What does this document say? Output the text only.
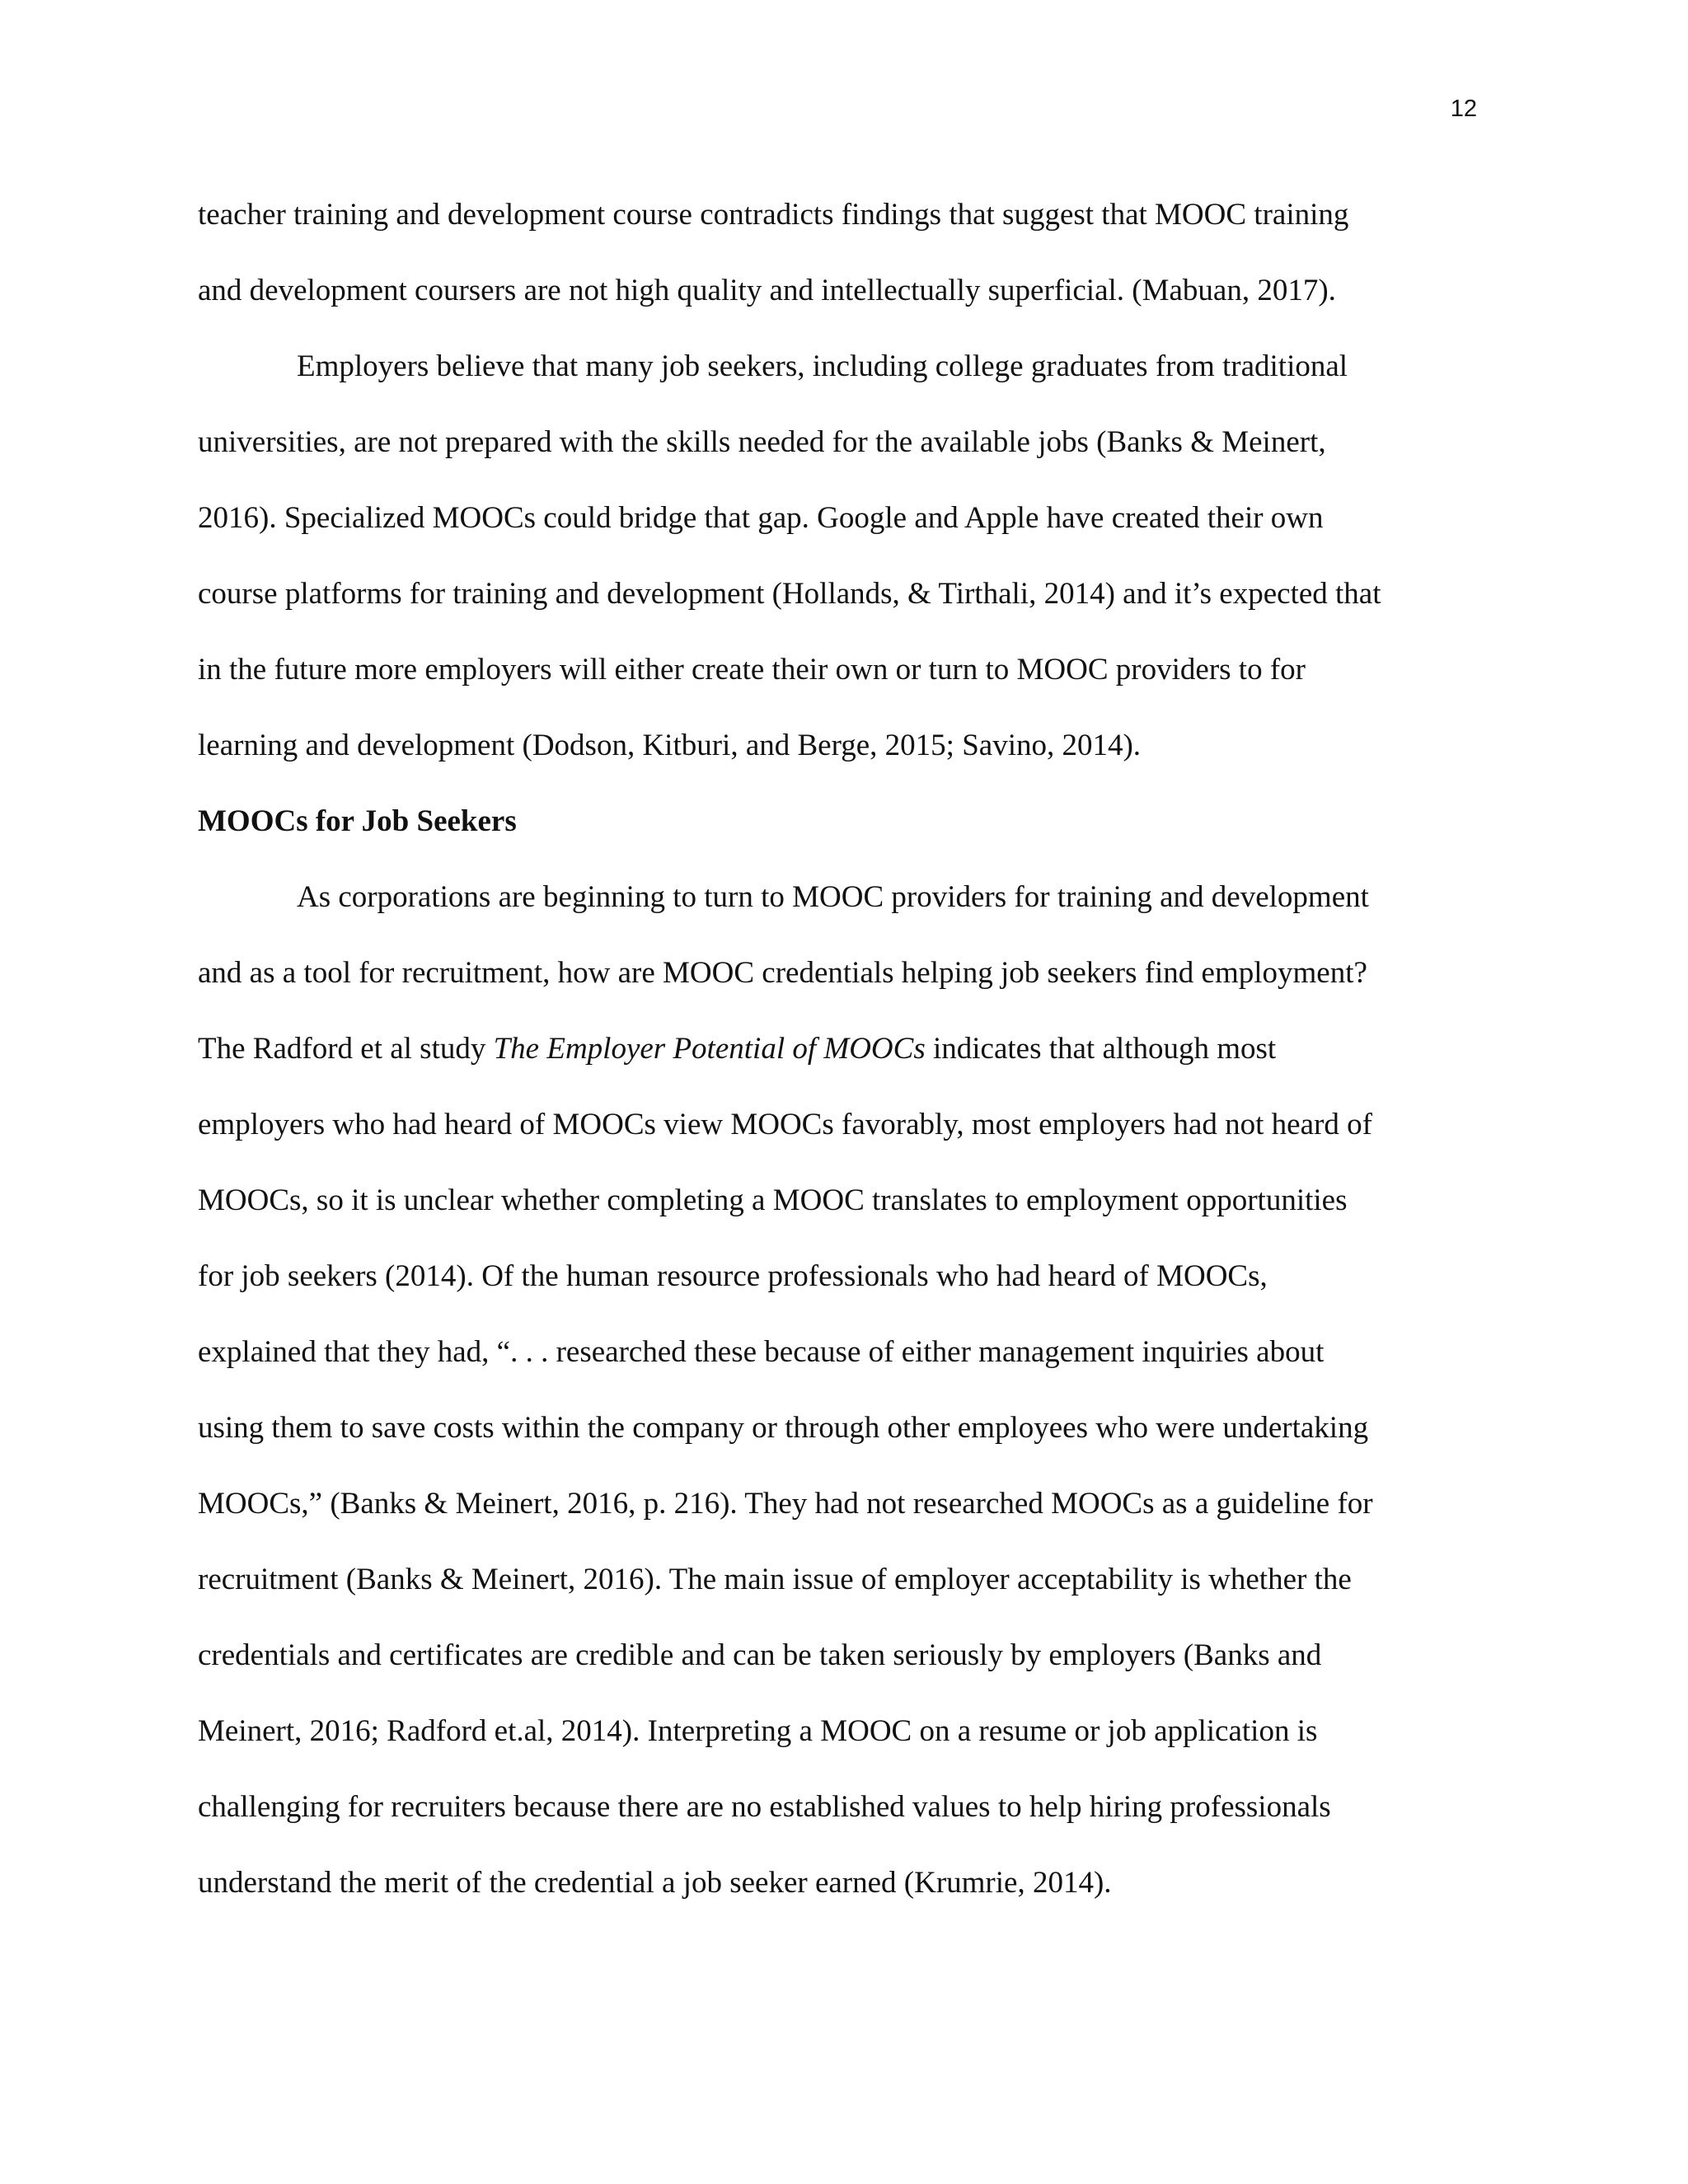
12
teacher training and development course contradicts findings that suggest that MOOC training
and development coursers are not high quality and intellectually superficial. (Mabuan, 2017).
Employers believe that many job seekers, including college graduates from traditional
universities, are not prepared with the skills needed for the available jobs (Banks & Meinert,
2016). Specialized MOOCs could bridge that gap. Google and Apple have created their own
course platforms for training and development (Hollands, & Tirthali, 2014) and it’s expected that
in the future more employers will either create their own or turn to MOOC providers to for
learning and development (Dodson, Kitburi, and Berge, 2015; Savino, 2014).
MOOCs for Job Seekers
As corporations are beginning to turn to MOOC providers for training and development
and as a tool for recruitment, how are MOOC credentials helping job seekers find employment?
The Radford et al study The Employer Potential of MOOCs indicates that although most
employers who had heard of MOOCs view MOOCs favorably, most employers had not heard of
MOOCs, so it is unclear whether completing a MOOC translates to employment opportunities
for job seekers (2014). Of the human resource professionals who had heard of MOOCs,
explained that they had, “. . . researched these because of either management inquiries about
using them to save costs within the company or through other employees who were undertaking
MOOCs,” (Banks & Meinert, 2016, p. 216). They had not researched MOOCs as a guideline for
recruitment (Banks & Meinert, 2016). The main issue of employer acceptability is whether the
credentials and certificates are credible and can be taken seriously by employers (Banks and
Meinert, 2016; Radford et.al, 2014). Interpreting a MOOC on a resume or job application is
challenging for recruiters because there are no established values to help hiring professionals
understand the merit of the credential a job seeker earned (Krumrie, 2014).
